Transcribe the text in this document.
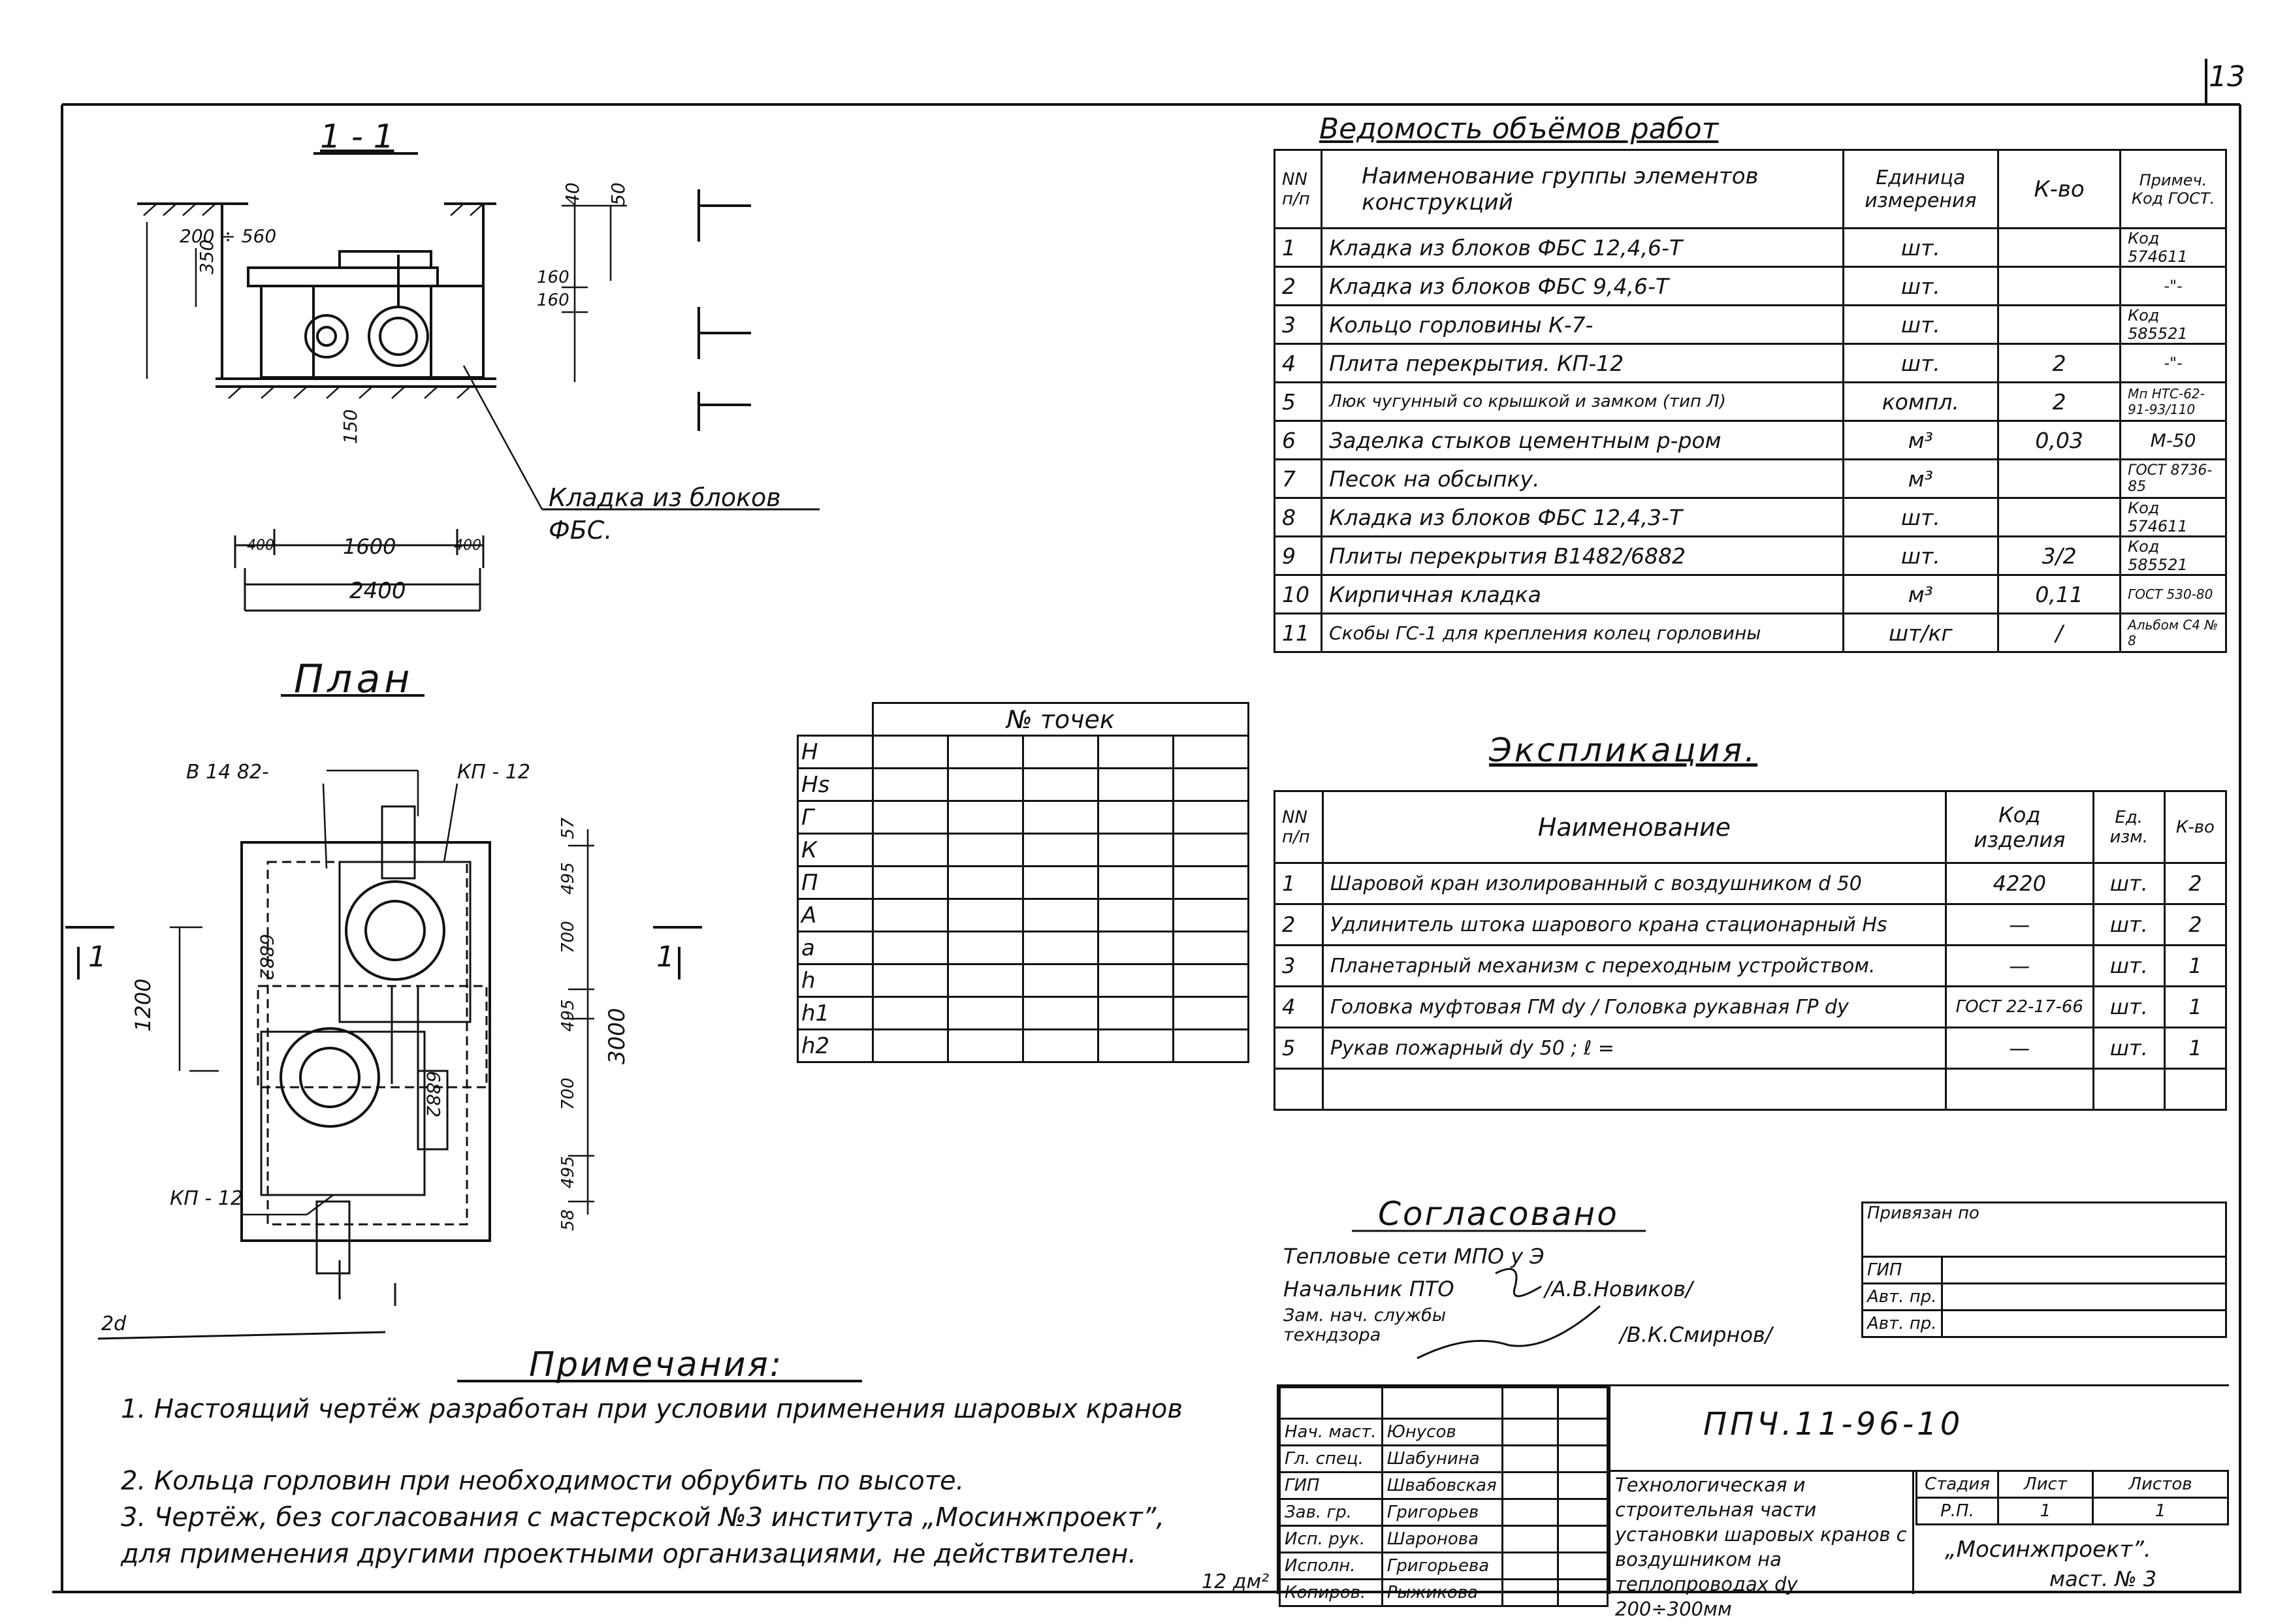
13
1 - 1
200 ÷ 560
350
40 50
160
160
150
Кладка из блоков
ФБС.
400	1600	400
2400
План
В 14 82-	КП - 12
КП - 12
6882
6882
1200
3000
57
495
700
495
700
495
58
1	1
2d
	№ точек				
Н					
Нs					
Г					
К					
П					
А					
а					
h					
h1					
h2					
Ведомость объёмов работ
NN п/п	Наименование группы элементов конструкций	Единица измерения	К-во	Примеч. Код ГОСТ.
1	Кладка из блоков ФБС 12,4,6-Т	шт.		Код 574611
2	Кладка из блоков ФБС 9,4,6-Т	шт.		-"-
3	Кольцо горловины К-7-	шт.		Код 585521
4	Плита перекрытия. КП-12	шт.	2	-"-
5	Люк чугунный со крышкой и замком (тип Л)	компл.	2	Мп НТС-62-91-93/110
6	Заделка стыков цементным р-ром	м³	0,03	М-50
7	Песок на обсыпку.	м³		ГОСТ 8736-85
8	Кладка из блоков ФБС 12,4,3-Т	шт.		Код 574611
9	Плиты перекрытия В1482/6882	шт.	3/2	Код 585521
10	Кирпичная кладка	м³	0,11	ГОСТ 530-80
11	Скобы ГС-1 для крепления колец горловины	шт/кг	/	Альбом С4 № 8
Экспликация.
NN п/п	Наименование	Код изделия	Ед. изм.	К-во
1	Шаровой кран изолированный с воздушником d 50	4220	шт.	2
2	Удлинитель штока шарового крана стационарный Нs	—	шт.	2
3	Планетарный механизм с переходным устройством.	—	шт.	1
4	Головка муфтовая ГМ dy / Головка рукавная ГР dy	ГОСТ 22-17-66	шт.	1
5	Рукав пожарный dy 50 ; ℓ =	—	шт.	1

Согласовано
Тепловые сети МПО у Э
Начальник ПТО	/А.В.Новиков/
Зам. нач. службы техндзора	/В.К.Смирнов/
Привязан по	
ГИП	
Авт. пр.	
Авт. пр.	
Примечания:
1. Настоящий чертёж разработан при условии применения шаровых кранов
2. Кольца горловин при необходимости обрубить по высоте.
3. Чертёж, без согласования с мастерской №3 института „Мосинжпроект”, для применения другими проектными организациями, не действителен.

Нач. маст.	Юнусов		
Гл. спец.	Шабунина		
ГИП	Швабовская		
Зав. гр.	Григорьев		
Исп. рук.	Шаронова		
Исполн.	Григорьева		
Копиров.	Рыжикова		
ППЧ.11-96-10
Технологическая и строительная части установки шаровых кранов с воздушником на теплопроводах dy 200÷300мм
Стадия	Лист	Листов
Р.П.	1	1
„Мосинжпроект”.
маст. № 3
12 дм²
